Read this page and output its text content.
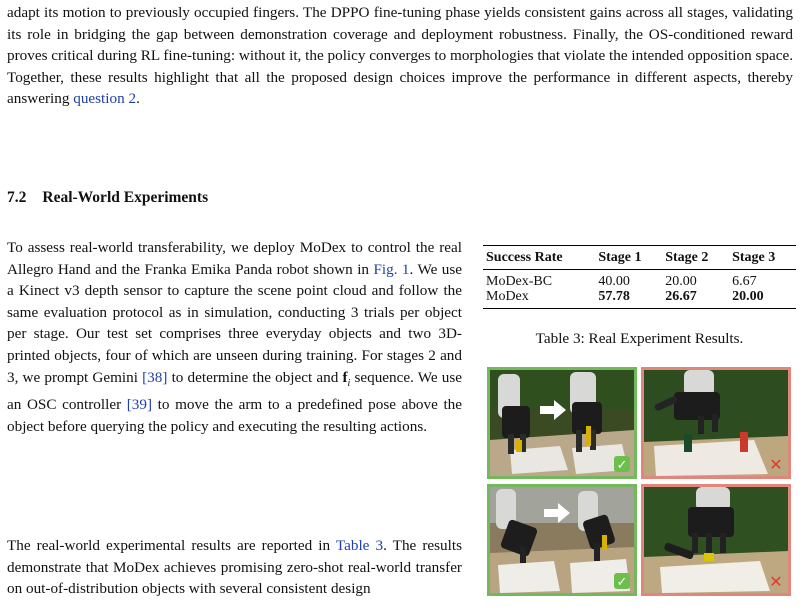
adapt its motion to previously occupied fingers. The DPPO fine-tuning phase yields consistent gains across all stages, validating its role in bridging the gap between demonstration coverage and deployment robustness. Finally, the OS-conditioned reward proves critical during RL fine-tuning: without it, the policy converges to morphologies that violate the intended opposition space. Together, these results highlight that all the proposed design choices improve the performance in different aspects, thereby answering question 2.

7.2 Real-World Experiments

To assess real-world transferability, we deploy MoDex to control the real Allegro Hand and the Franka Emika Panda robot shown in Fig. 1. We use a Kinect v3 depth sensor to capture the scene point cloud and follow the same evaluation protocol as in simulation, conducting 3 trials per object per stage. Our test set comprises three everyday objects and two 3D-printed objects, four of which are unseen during training. For stages 2 and 3, we prompt Gemini [38] to determine the object and $f_i$ sequence. We use an OSC controller [39] to move the arm to a predefined pose above the object before querying the policy and executing the resulting actions.

The real-world experimental results are reported in Table 3. The results demonstrate that MoDex achieves promising zero-shot real-world transfer on out-of-distribution objects with several consistent design

Success Rate	Stage 1	Stage 2	Stage 3
MoDex-BC	40.00	20.00	6.67
MoDex	57.78	26.67	20.00
Table 3: Real Experiment Results.
✓	✕
✓	✕
